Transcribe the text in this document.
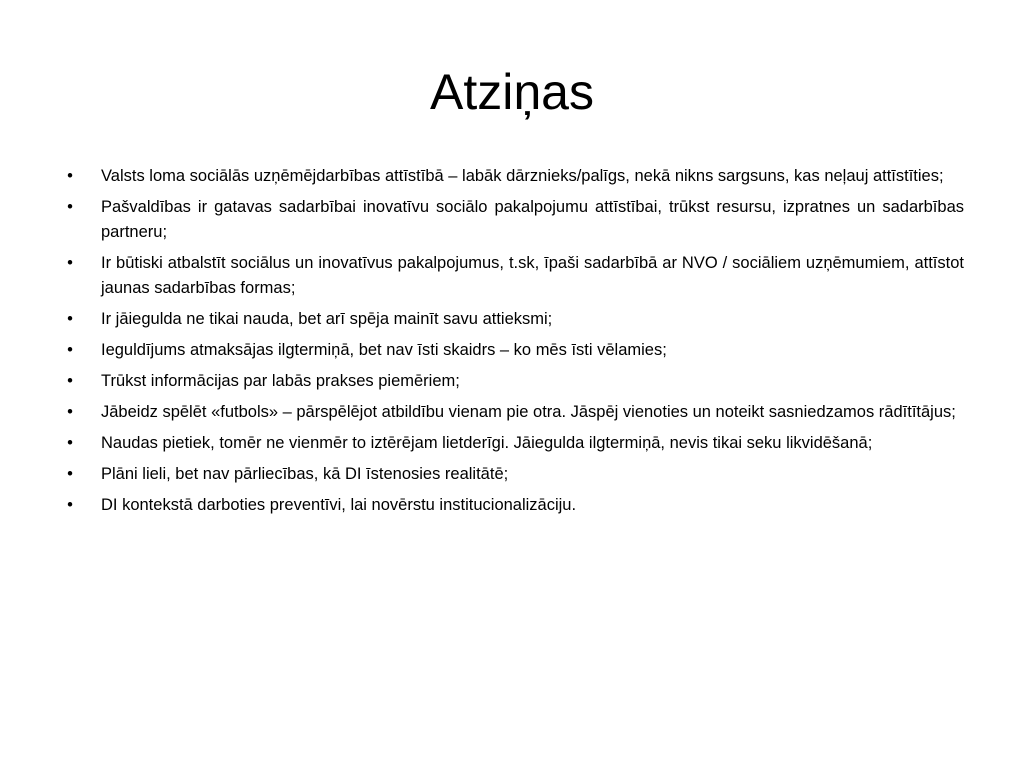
Atziņas
•	Valsts loma sociālās uzņēmējdarbības attīstībā – labāk dārznieks/palīgs, nekā nikns sargsuns, kas neļauj attīstīties;
•	Pašvaldības ir gatavas sadarbībai inovatīvu sociālo pakalpojumu attīstībai, trūkst resursu, izpratnes un sadarbības partneru;
•	Ir būtiski atbalstīt sociālus un inovatīvus pakalpojumus, t.sk, īpaši sadarbībā ar NVO / sociāliem uzņēmumiem, attīstot jaunas sadarbības formas;
•	Ir jāiegulda ne tikai nauda, bet arī spēja mainīt savu attieksmi;
•	Ieguldījums atmaksājas ilgtermiņā, bet nav īsti skaidrs – ko mēs īsti vēlamies;
•	Trūkst informācijas par labās prakses piemēriem;
•	Jābeidz spēlēt «futbols» – pārspēlējot atbildību vienam pie otra. Jāspēj vienoties un noteikt sasniedzamos rādītītājus;
•	Naudas pietiek, tomēr ne vienmēr to iztērējam lietderīgi. Jāiegulda ilgtermiņā, nevis tikai seku likvidēšanā;
•	Plāni lieli, bet nav pārliecības, kā DI īstenosies realitātē;
•	DI kontekstā darboties preventīvi, lai novērstu institucionalizāciju.
